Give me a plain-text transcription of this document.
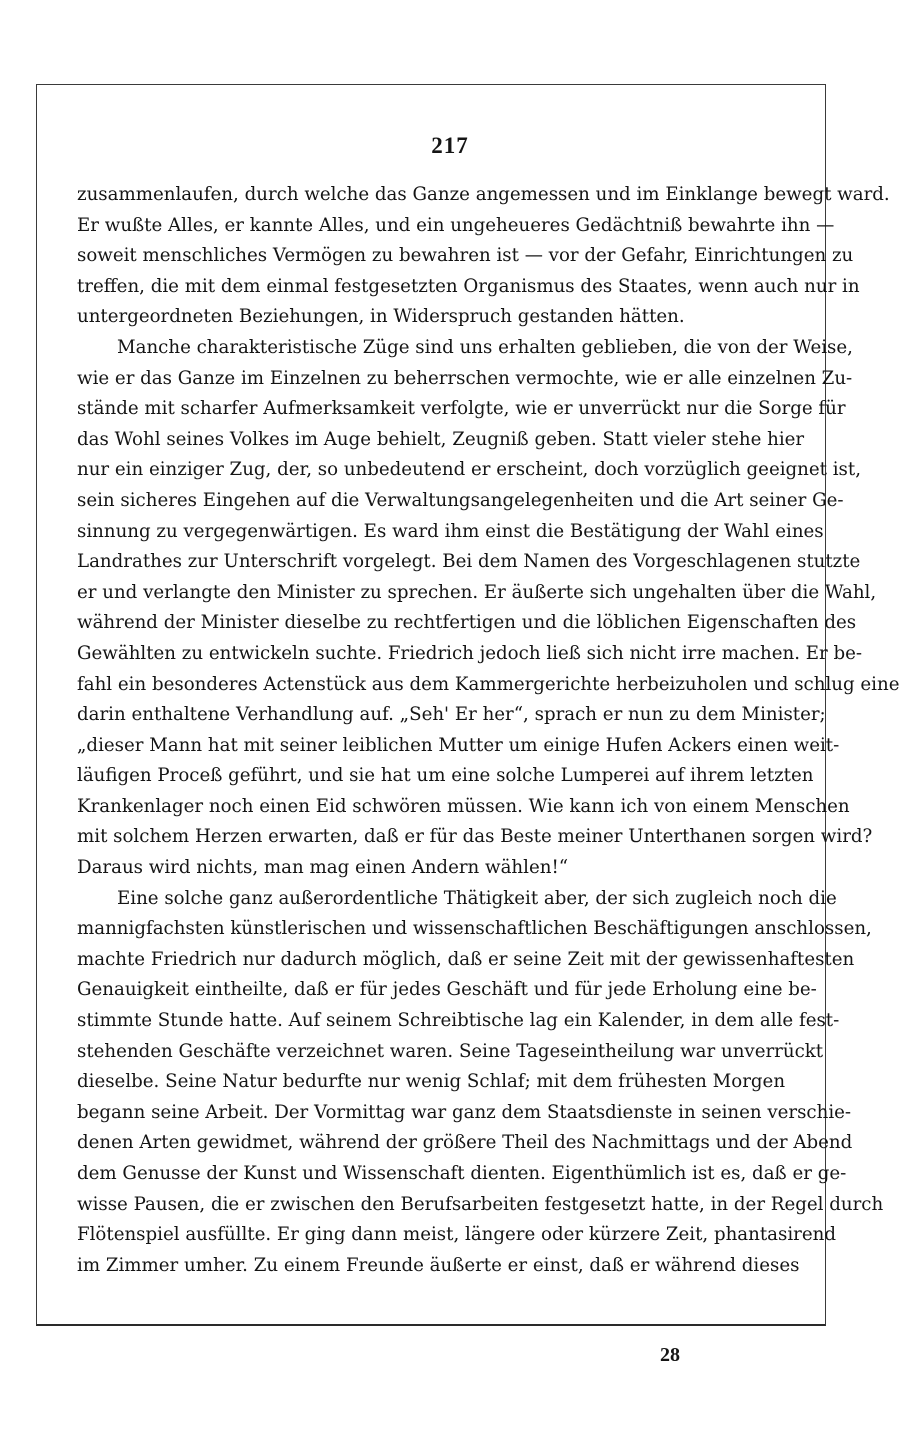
217
zusammenlaufen, durch welche das Ganze angemessen und im Einklange bewegt ward.
Er wußte Alles, er kannte Alles, und ein ungeheueres Gedächtniß bewahrte ihn —
soweit menschliches Vermögen zu bewahren ist — vor der Gefahr, Einrichtungen zu
treffen, die mit dem einmal festgesetzten Organismus des Staates, wenn auch nur in
untergeordneten Beziehungen, in Widerspruch gestanden hätten.
Manche charakteristische Züge sind uns erhalten geblieben, die von der Weise,
wie er das Ganze im Einzelnen zu beherrschen vermochte, wie er alle einzelnen Zu-
stände mit scharfer Aufmerksamkeit verfolgte, wie er unverrückt nur die Sorge für
das Wohl seines Volkes im Auge behielt, Zeugniß geben. Statt vieler stehe hier
nur ein einziger Zug, der, so unbedeutend er erscheint, doch vorzüglich geeignet ist,
sein sicheres Eingehen auf die Verwaltungsangelegenheiten und die Art seiner Ge-
sinnung zu vergegenwärtigen. Es ward ihm einst die Bestätigung der Wahl eines
Landrathes zur Unterschrift vorgelegt. Bei dem Namen des Vorgeschlagenen stutzte
er und verlangte den Minister zu sprechen. Er äußerte sich ungehalten über die Wahl,
während der Minister dieselbe zu rechtfertigen und die löblichen Eigenschaften des
Gewählten zu entwickeln suchte. Friedrich jedoch ließ sich nicht irre machen. Er be-
fahl ein besonderes Actenstück aus dem Kammergerichte herbeizuholen und schlug eine
darin enthaltene Verhandlung auf. „Seh' Er her“, sprach er nun zu dem Minister;
„dieser Mann hat mit seiner leiblichen Mutter um einige Hufen Ackers einen weit-
läufigen Proceß geführt, und sie hat um eine solche Lumperei auf ihrem letzten
Krankenlager noch einen Eid schwören müssen. Wie kann ich von einem Menschen
mit solchem Herzen erwarten, daß er für das Beste meiner Unterthanen sorgen wird?
Daraus wird nichts, man mag einen Andern wählen!“
Eine solche ganz außerordentliche Thätigkeit aber, der sich zugleich noch die
mannigfachsten künstlerischen und wissenschaftlichen Beschäftigungen anschlossen,
machte Friedrich nur dadurch möglich, daß er seine Zeit mit der gewissenhaftesten
Genauigkeit eintheilte, daß er für jedes Geschäft und für jede Erholung eine be-
stimmte Stunde hatte. Auf seinem Schreibtische lag ein Kalender, in dem alle fest-
stehenden Geschäfte verzeichnet waren. Seine Tageseintheilung war unverrückt
dieselbe. Seine Natur bedurfte nur wenig Schlaf; mit dem frühesten Morgen
begann seine Arbeit. Der Vormittag war ganz dem Staatsdienste in seinen verschie-
denen Arten gewidmet, während der größere Theil des Nachmittags und der Abend
dem Genusse der Kunst und Wissenschaft dienten. Eigenthümlich ist es, daß er ge-
wisse Pausen, die er zwischen den Berufsarbeiten festgesetzt hatte, in der Regel durch
Flötenspiel ausfüllte. Er ging dann meist, längere oder kürzere Zeit, phantasirend
im Zimmer umher. Zu einem Freunde äußerte er einst, daß er während dieses
28
